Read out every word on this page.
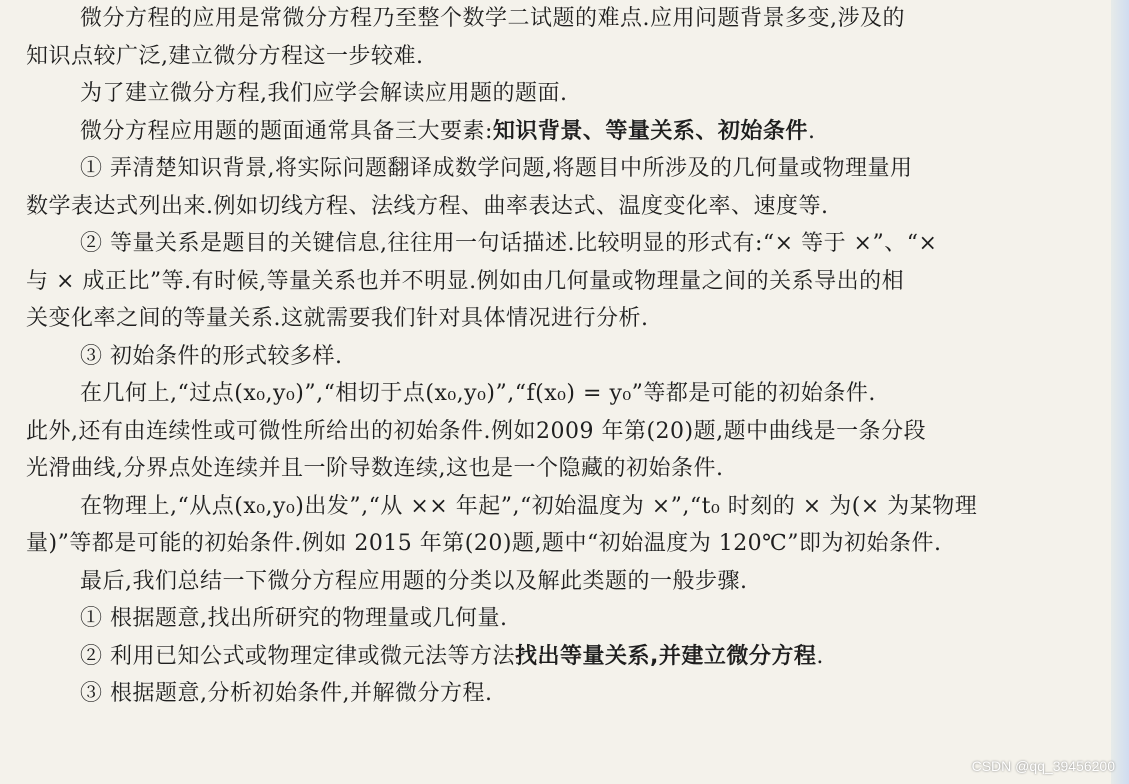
微分方程的应用是常微分方程乃至整个数学二试题的难点.应用问题背景多变,涉及的
知识点较广泛,建立微分方程这一步较难.
为了建立微分方程,我们应学会解读应用题的题面.
微分方程应用题的题面通常具备三大要素:知识背景、等量关系、初始条件.
① 弄清楚知识背景,将实际问题翻译成数学问题,将题目中所涉及的几何量或物理量用
数学表达式列出来.例如切线方程、法线方程、曲率表达式、温度变化率、速度等.
② 等量关系是题目的关键信息,往往用一句话描述.比较明显的形式有:“× 等于 ×”、“×
与 × 成正比”等.有时候,等量关系也并不明显.例如由几何量或物理量之间的关系导出的相
关变化率之间的等量关系.这就需要我们针对具体情况进行分析.
③ 初始条件的形式较多样.
在几何上,“过点(x₀,y₀)”,“相切于点(x₀,y₀)”,“f(x₀) = y₀”等都是可能的初始条件.
此外,还有由连续性或可微性所给出的初始条件.例如2009 年第(20)题,题中曲线是一条分段
光滑曲线,分界点处连续并且一阶导数连续,这也是一个隐藏的初始条件.
在物理上,“从点(x₀,y₀)出发”,“从 ×× 年起”,“初始温度为 ×”,“t₀ 时刻的 × 为(× 为某物理
量)”等都是可能的初始条件.例如 2015 年第(20)题,题中“初始温度为 120℃”即为初始条件.
最后,我们总结一下微分方程应用题的分类以及解此类题的一般步骤.
① 根据题意,找出所研究的物理量或几何量.
② 利用已知公式或物理定律或微元法等方法找出等量关系,并建立微分方程.
③ 根据题意,分析初始条件,并解微分方程.
CSDN @qq_39456200
